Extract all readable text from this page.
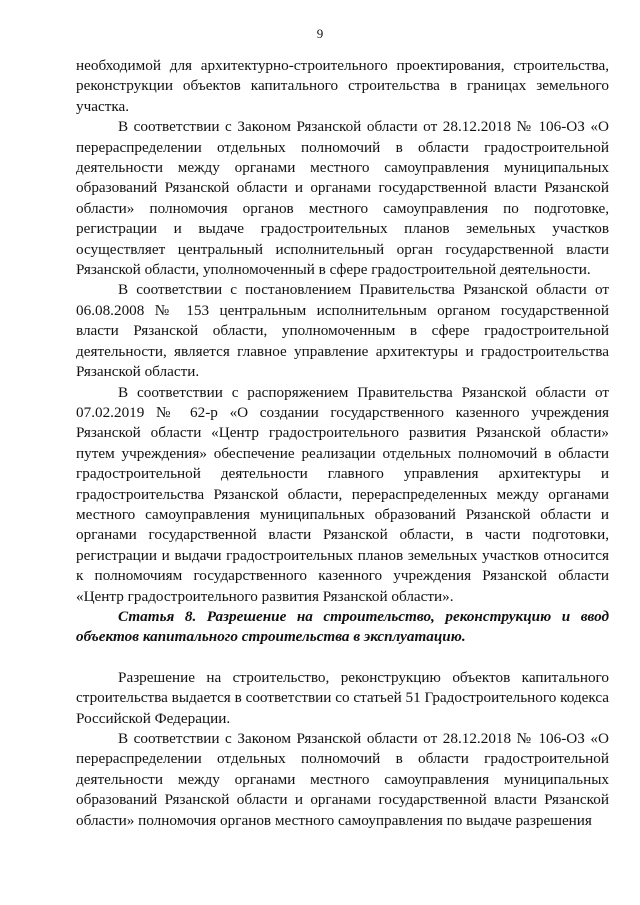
9

необходимой для архитектурно-строительного проектирования, строительства, реконструкции объектов капитального строительства в границах земельного участка.

В соответствии с Законом Рязанской области от 28.12.2018 № 106-ОЗ «О перераспределении отдельных полномочий в области градостроительной деятельности между органами местного самоуправления муниципальных образований Рязанской области и органами государственной власти Рязанской области» полномочия органов местного самоуправления по подготовке, регистрации и выдаче градостроительных планов земельных участков осуществляет центральный исполнительный орган государственной власти Рязанской области, уполномоченный в сфере градостроительной деятельности.

В соответствии с постановлением Правительства Рязанской области от 06.08.2008 № 153 центральным исполнительным органом государственной власти Рязанской области, уполномоченным в сфере градостроительной деятельности, является главное управление архитектуры и градостроительства Рязанской области.

В соответствии с распоряжением Правительства Рязанской области от 07.02.2019 № 62-р «О создании государственного казенного учреждения Рязанской области «Центр градостроительного развития Рязанской области» путем учреждения» обеспечение реализации отдельных полномочий в области градостроительной деятельности главного управления архитектуры и градостроительства Рязанской области, перераспределенных между органами местного самоуправления муниципальных образований Рязанской области и органами государственной власти Рязанской области, в части подготовки, регистрации и выдачи градостроительных планов земельных участков относится к полномочиям государственного казенного учреждения Рязанской области «Центр градостроительного развития Рязанской области».

Статья 8. Разрешение на строительство, реконструкцию и ввод объектов капитального строительства в эксплуатацию.

Разрешение на строительство, реконструкцию объектов капитального строительства выдается в соответствии со статьей 51 Градостроительного кодекса Российской Федерации.

В соответствии с Законом Рязанской области от 28.12.2018 № 106-ОЗ «О перераспределении отдельных полномочий в области градостроительной деятельности между органами местного самоуправления муниципальных образований Рязанской области и органами государственной власти Рязанской области» полномочия органов местного самоуправления по выдаче разрешения
